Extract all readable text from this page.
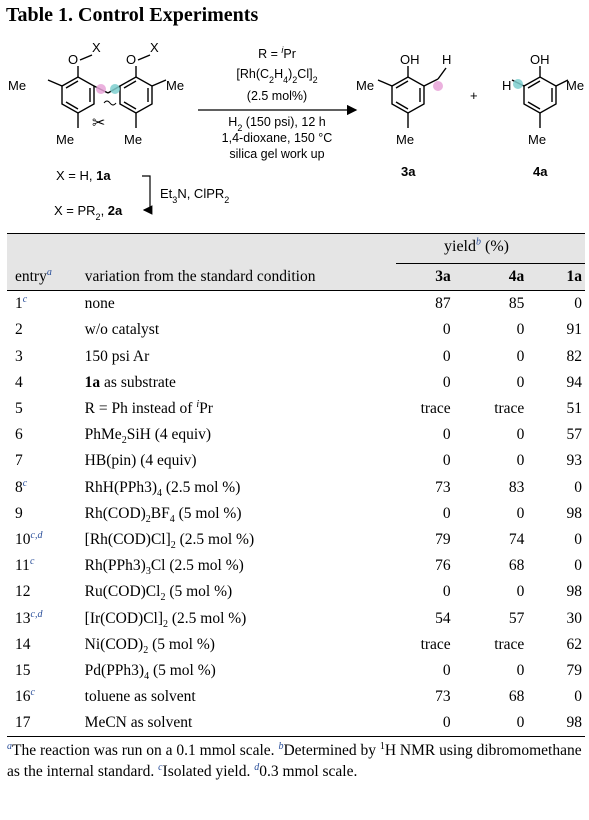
Table 1. Control Experiments
✂
O
X
O
X
Me	Me
Me	Me
R = $^i$Pr
$[Rh(C_2H_4)_2Cl]_2$
(2.5 mol%)
$H_2$ (150 psi), 12 h
1,4-dioxane, 150 °C
silica gel work up
OH H
Me
Me
3a
+
OH
H	Me
Me
4a
X = H, 1a
$Et_3N$, ClPR$_2$
$X = PR_2$, 2a
yield$^b$ (%)
entry$^a$	variation from the standard condition	3a	4a	1a
1$^c$	none	87	85	0
2	w/o catalyst	0	0	91
3	150 psi Ar	0	0	82
4	1a as substrate	0	0	94
5	R = Ph instead of $^i$Pr	trace	trace	51
6	PhMe$_2$SiH (4 equiv)	0	0	57
7	HB(pin) (4 equiv)	0	0	93
8$^c$	$RhH(PPh3)_4$ (2.5 mol %)	73	83	0
9	$Rh(COD)_2BF_4$ (5 mol %)	0	0	98
10$^{c,d}$	$[Rh(COD)Cl]_2$ (2.5 mol %)	79	74	0
11$^c$	$Rh(PPh3)_3Cl$ (2.5 mol %)	76	68	0
12	$Ru(COD)Cl_2$ (5 mol %)	0	0	98
13$^{c,d}$	$[Ir(COD)Cl]_2$ (2.5 mol %)	54	57	30
14	$Ni(COD)_2$ (5 mol %)	trace	trace	62
15	$Pd(PPh3)_4$ (5 mol %)	0	0	79
16$^c$	toluene as solvent	73	68	0
17	MeCN as solvent	0	0	98
$^a$The reaction was run on a 0.1 mmol scale. $^b$Determined by $^1$H NMR using dibromomethane as the internal standard. $^c$Isolated yield. $^d$0.3 mmol scale.
